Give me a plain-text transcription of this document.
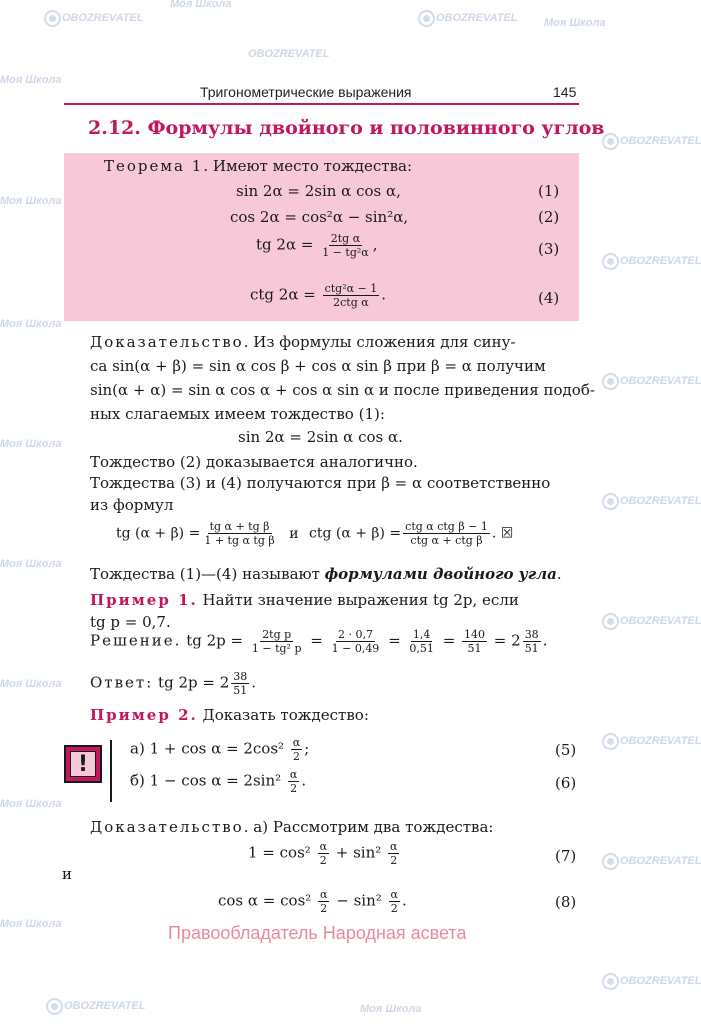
Моя Школа
OBOZREVATEL	OBOZREVATEL Моя Школа
Моя Школа
OBOZREVATEL
OBOZREVATEL
Моя Школа
OBOZREVATEL
Моя Школа
OBOZREVATEL
Моя Школа
OBOZREVATEL
Моя Школа
OBOZREVATEL
Моя Школа
OBOZREVATEL
Моя Школа
OBOZREVATEL
Моя Школа
OBOZREVATEL
OBOZREVATEL	Моя Школа
Тригонометрические выражения	145
2.12. Формулы двойного и половинного углов
Теорема 1. Имеют место тождества:
sin 2α = 2sin α cos α,	(1)
cos 2α = cos²α − sin²α,	(2)
tg $2\alpha = \frac{\text{2tg α}}{\text{1 − tg²α}}$ ,	(3)
ctg $2\alpha = \frac{\text{ctg²α − 1}}{\text{2ctg α}}$ .	(4)
Доказательство. Из формулы сложения для сину-
са sin(α + β) = sin α cos β + cos α sin β при β = α получим
sin(α + α) = sin α cos α + cos α sin α и после приведения подоб-
ных слагаемых имеем тождество (1):
sin 2α = 2sin α cos α.
Тождество (2) доказывается аналогично.
Тождества (3) и (4) получаются при β = α соответственно
из формул
tg $(\alpha + \beta) = \frac{\text{tg α + tg β}}{\text{1 + tg α tg β}}$ и ctg $(\alpha + \beta) = \frac{\text{ctg α ctg β − 1}}{\text{ctg α + ctg β}}$ . ☒
Тождества (1)—(4) называют формулами двойного угла.
Пример 1. Найти значение выражения tg 2p, если
tg p = 0,7.
Решение. tg $2p = \frac{\text{2tg p}}{\text{1 − tg² p}} = \frac{2 \cdot 0,7}{1 - 0,49} = \frac{1,4}{0,51} = \frac{140}{51} = 2 \frac{38}{51}$ .
Ответ: tg $2p = 2 \frac{38}{51}$ .
Пример 2. Доказать тождество:
!
а) $1 + \cos \alpha = 2\cos^2 \frac{\alpha}{2}$ ;	(5)
б) $1 - \cos \alpha = 2\sin^2 \frac{\alpha}{2}$ .	(6)
Доказательство. а) Рассмотрим два тождества:
$1 = \cos^2 \frac{\alpha}{2} + \sin^2 \frac{\alpha}{2}$	(7)
и
$\cos \alpha = \cos^2 \frac{\alpha}{2} - \sin^2 \frac{\alpha}{2}$ .	(8)
Правообладатель Народная асвета
